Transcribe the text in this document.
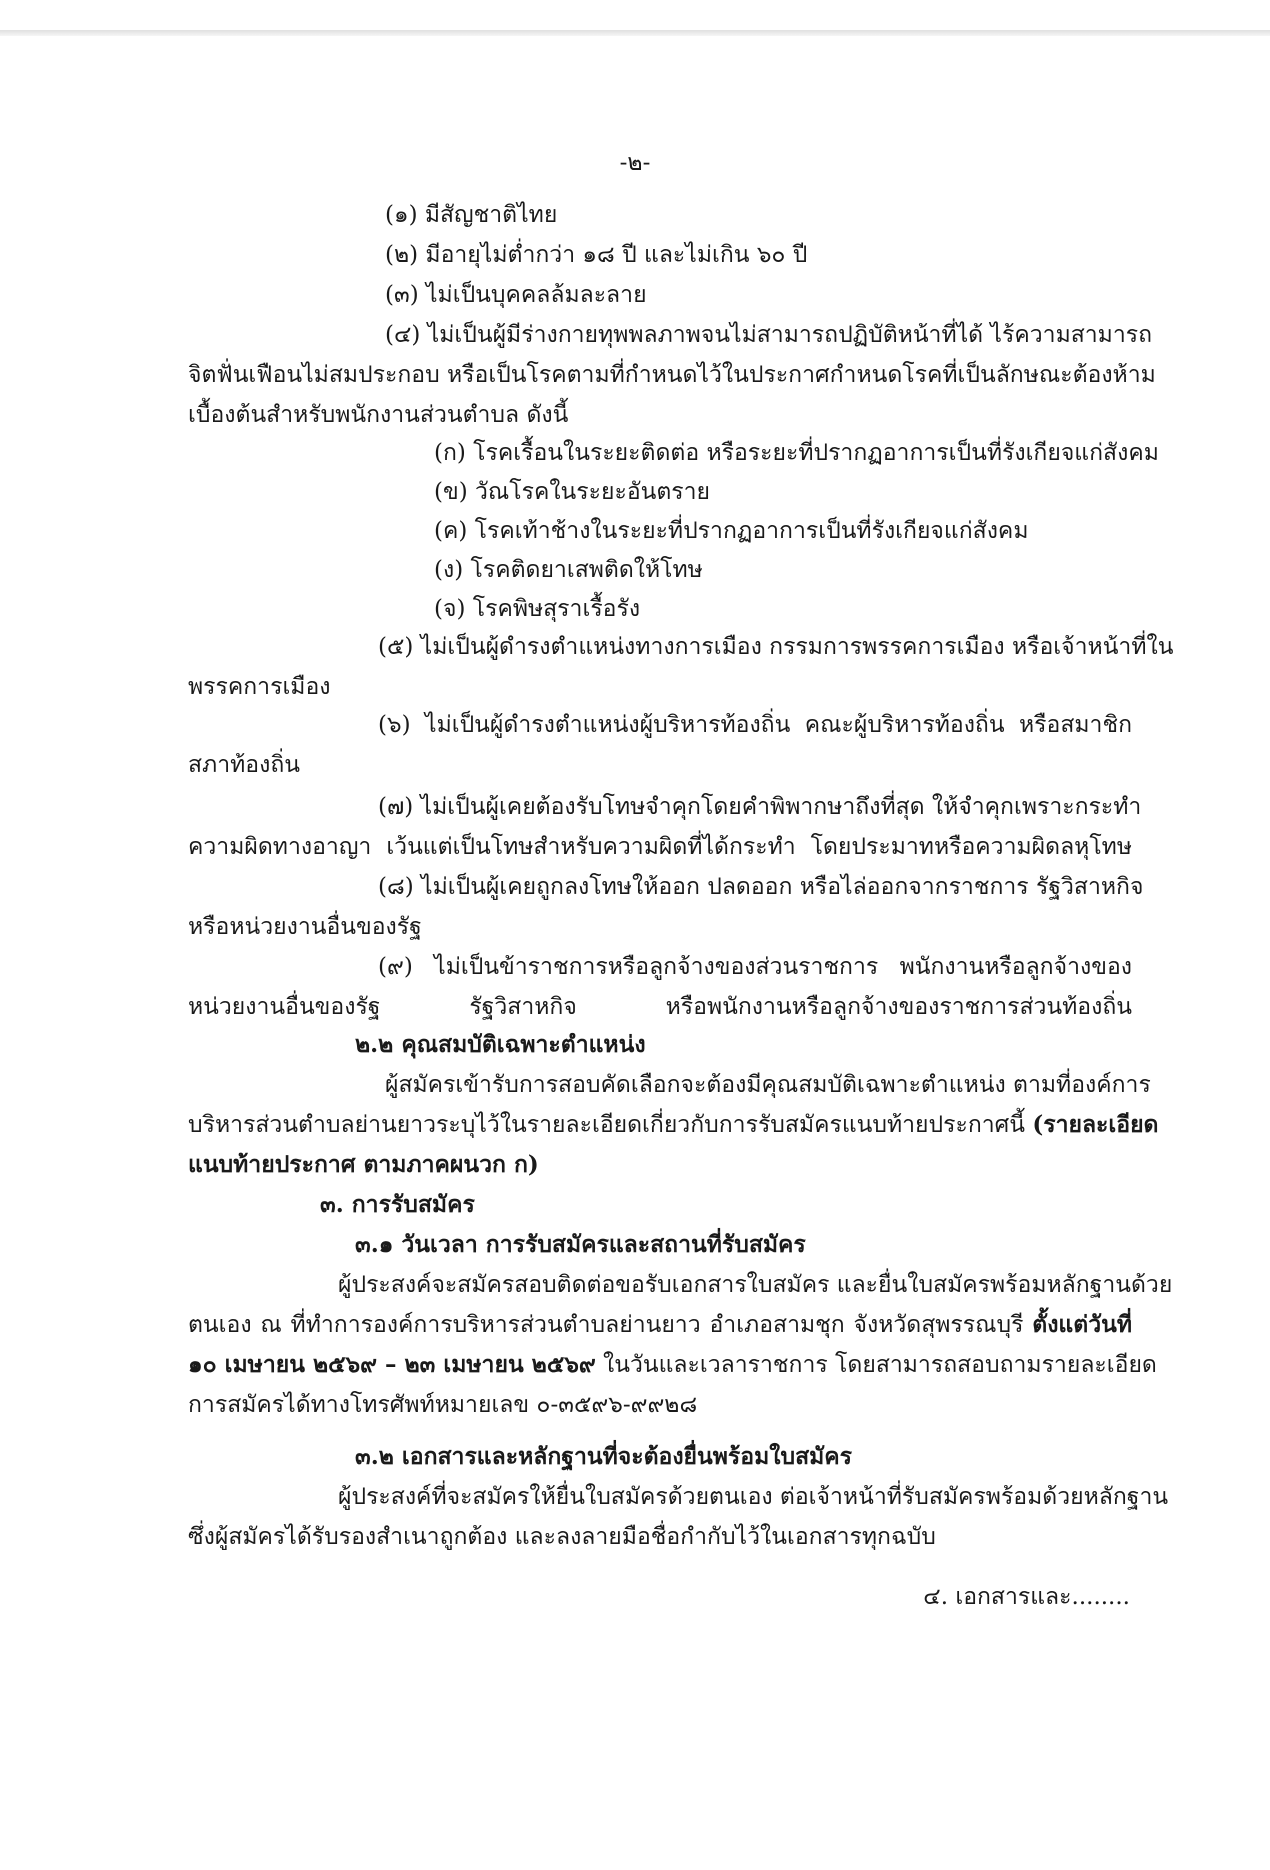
-๒-

(๑) มีสัญชาติไทย

(๒) มีอายุไม่ต่ำกว่า ๑๘ ปี และไม่เกิน ๖๐ ปี

(๓) ไม่เป็นบุคคลล้มละลาย

(๔) ไม่เป็นผู้มีร่างกายทุพพลภาพจนไม่สามารถปฏิบัติหน้าที่ได้ ไร้ความสามารถ

จิตฟั่นเฟือนไม่สมประกอบ หรือเป็นโรคตามที่กำหนดไว้ในประกาศกำหนดโรคที่เป็นลักษณะต้องห้าม

เบื้องต้นสำหรับพนักงานส่วนตำบล ดังนี้

(ก) โรคเรื้อนในระยะติดต่อ หรือระยะที่ปรากฏอาการเป็นที่รังเกียจแก่สังคม

(ข) วัณโรคในระยะอันตราย

(ค) โรคเท้าช้างในระยะที่ปรากฏอาการเป็นที่รังเกียจแก่สังคม

(ง) โรคติดยาเสพติดให้โทษ

(จ) โรคพิษสุราเรื้อรัง

(๕) ไม่เป็นผู้ดำรงตำแหน่งทางการเมือง กรรมการพรรคการเมือง หรือเจ้าหน้าที่ใน

พรรคการเมือง

(๖) ไม่เป็นผู้ดำรงตำแหน่งผู้บริหารท้องถิ่น คณะผู้บริหารท้องถิ่น หรือสมาชิก

สภาท้องถิ่น

(๗) ไม่เป็นผู้เคยต้องรับโทษจำคุกโดยคำพิพากษาถึงที่สุด ให้จำคุกเพราะกระทำ

ความผิดทางอาญา เว้นแต่เป็นโทษสำหรับความผิดที่ได้กระทำ โดยประมาทหรือความผิดลหุโทษ

(๘) ไม่เป็นผู้เคยถูกลงโทษให้ออก ปลดออก หรือไล่ออกจากราชการ รัฐวิสาหกิจ

หรือหน่วยงานอื่นของรัฐ

(๙) ไม่เป็นข้าราชการหรือลูกจ้างของส่วนราชการ พนักงานหรือลูกจ้างของ

หน่วยงานอื่นของรัฐ รัฐวิสาหกิจ หรือพนักงานหรือลูกจ้างของราชการส่วนท้องถิ่น

๒.๒ คุณสมบัติเฉพาะตำแหน่ง

ผู้สมัครเข้ารับการสอบคัดเลือกจะต้องมีคุณสมบัติเฉพาะตำแหน่ง ตามที่องค์การ

บริหารส่วนตำบลย่านยาวระบุไว้ในรายละเอียดเกี่ยวกับการรับสมัครแนบท้ายประกาศนี้ (รายละเอียด

แนบท้ายประกาศ ตามภาคผนวก ก)

๓. การรับสมัคร

๓.๑ วันเวลา การรับสมัครและสถานที่รับสมัคร

ผู้ประสงค์จะสมัครสอบติดต่อขอรับเอกสารใบสมัคร และยื่นใบสมัครพร้อมหลักฐานด้วย

ตนเอง ณ ที่ทำการองค์การบริหารส่วนตำบลย่านยาว อำเภอสามชุก จังหวัดสุพรรณบุรี ตั้งแต่วันที่

๑๐ เมษายน ๒๕๖๙ – ๒๓ เมษายน ๒๕๖๙ ในวันและเวลาราชการ โดยสามารถสอบถามรายละเอียด

การสมัครได้ทางโทรศัพท์หมายเลข ๐-๓๕๙๖-๙๙๒๘

๓.๒ เอกสารและหลักฐานที่จะต้องยื่นพร้อมใบสมัคร

ผู้ประสงค์ที่จะสมัครให้ยื่นใบสมัครด้วยตนเอง ต่อเจ้าหน้าที่รับสมัครพร้อมด้วยหลักฐาน

ซึ่งผู้สมัครได้รับรองสำเนาถูกต้อง และลงลายมือชื่อกำกับไว้ในเอกสารทุกฉบับ

๔. เอกสารและ........
